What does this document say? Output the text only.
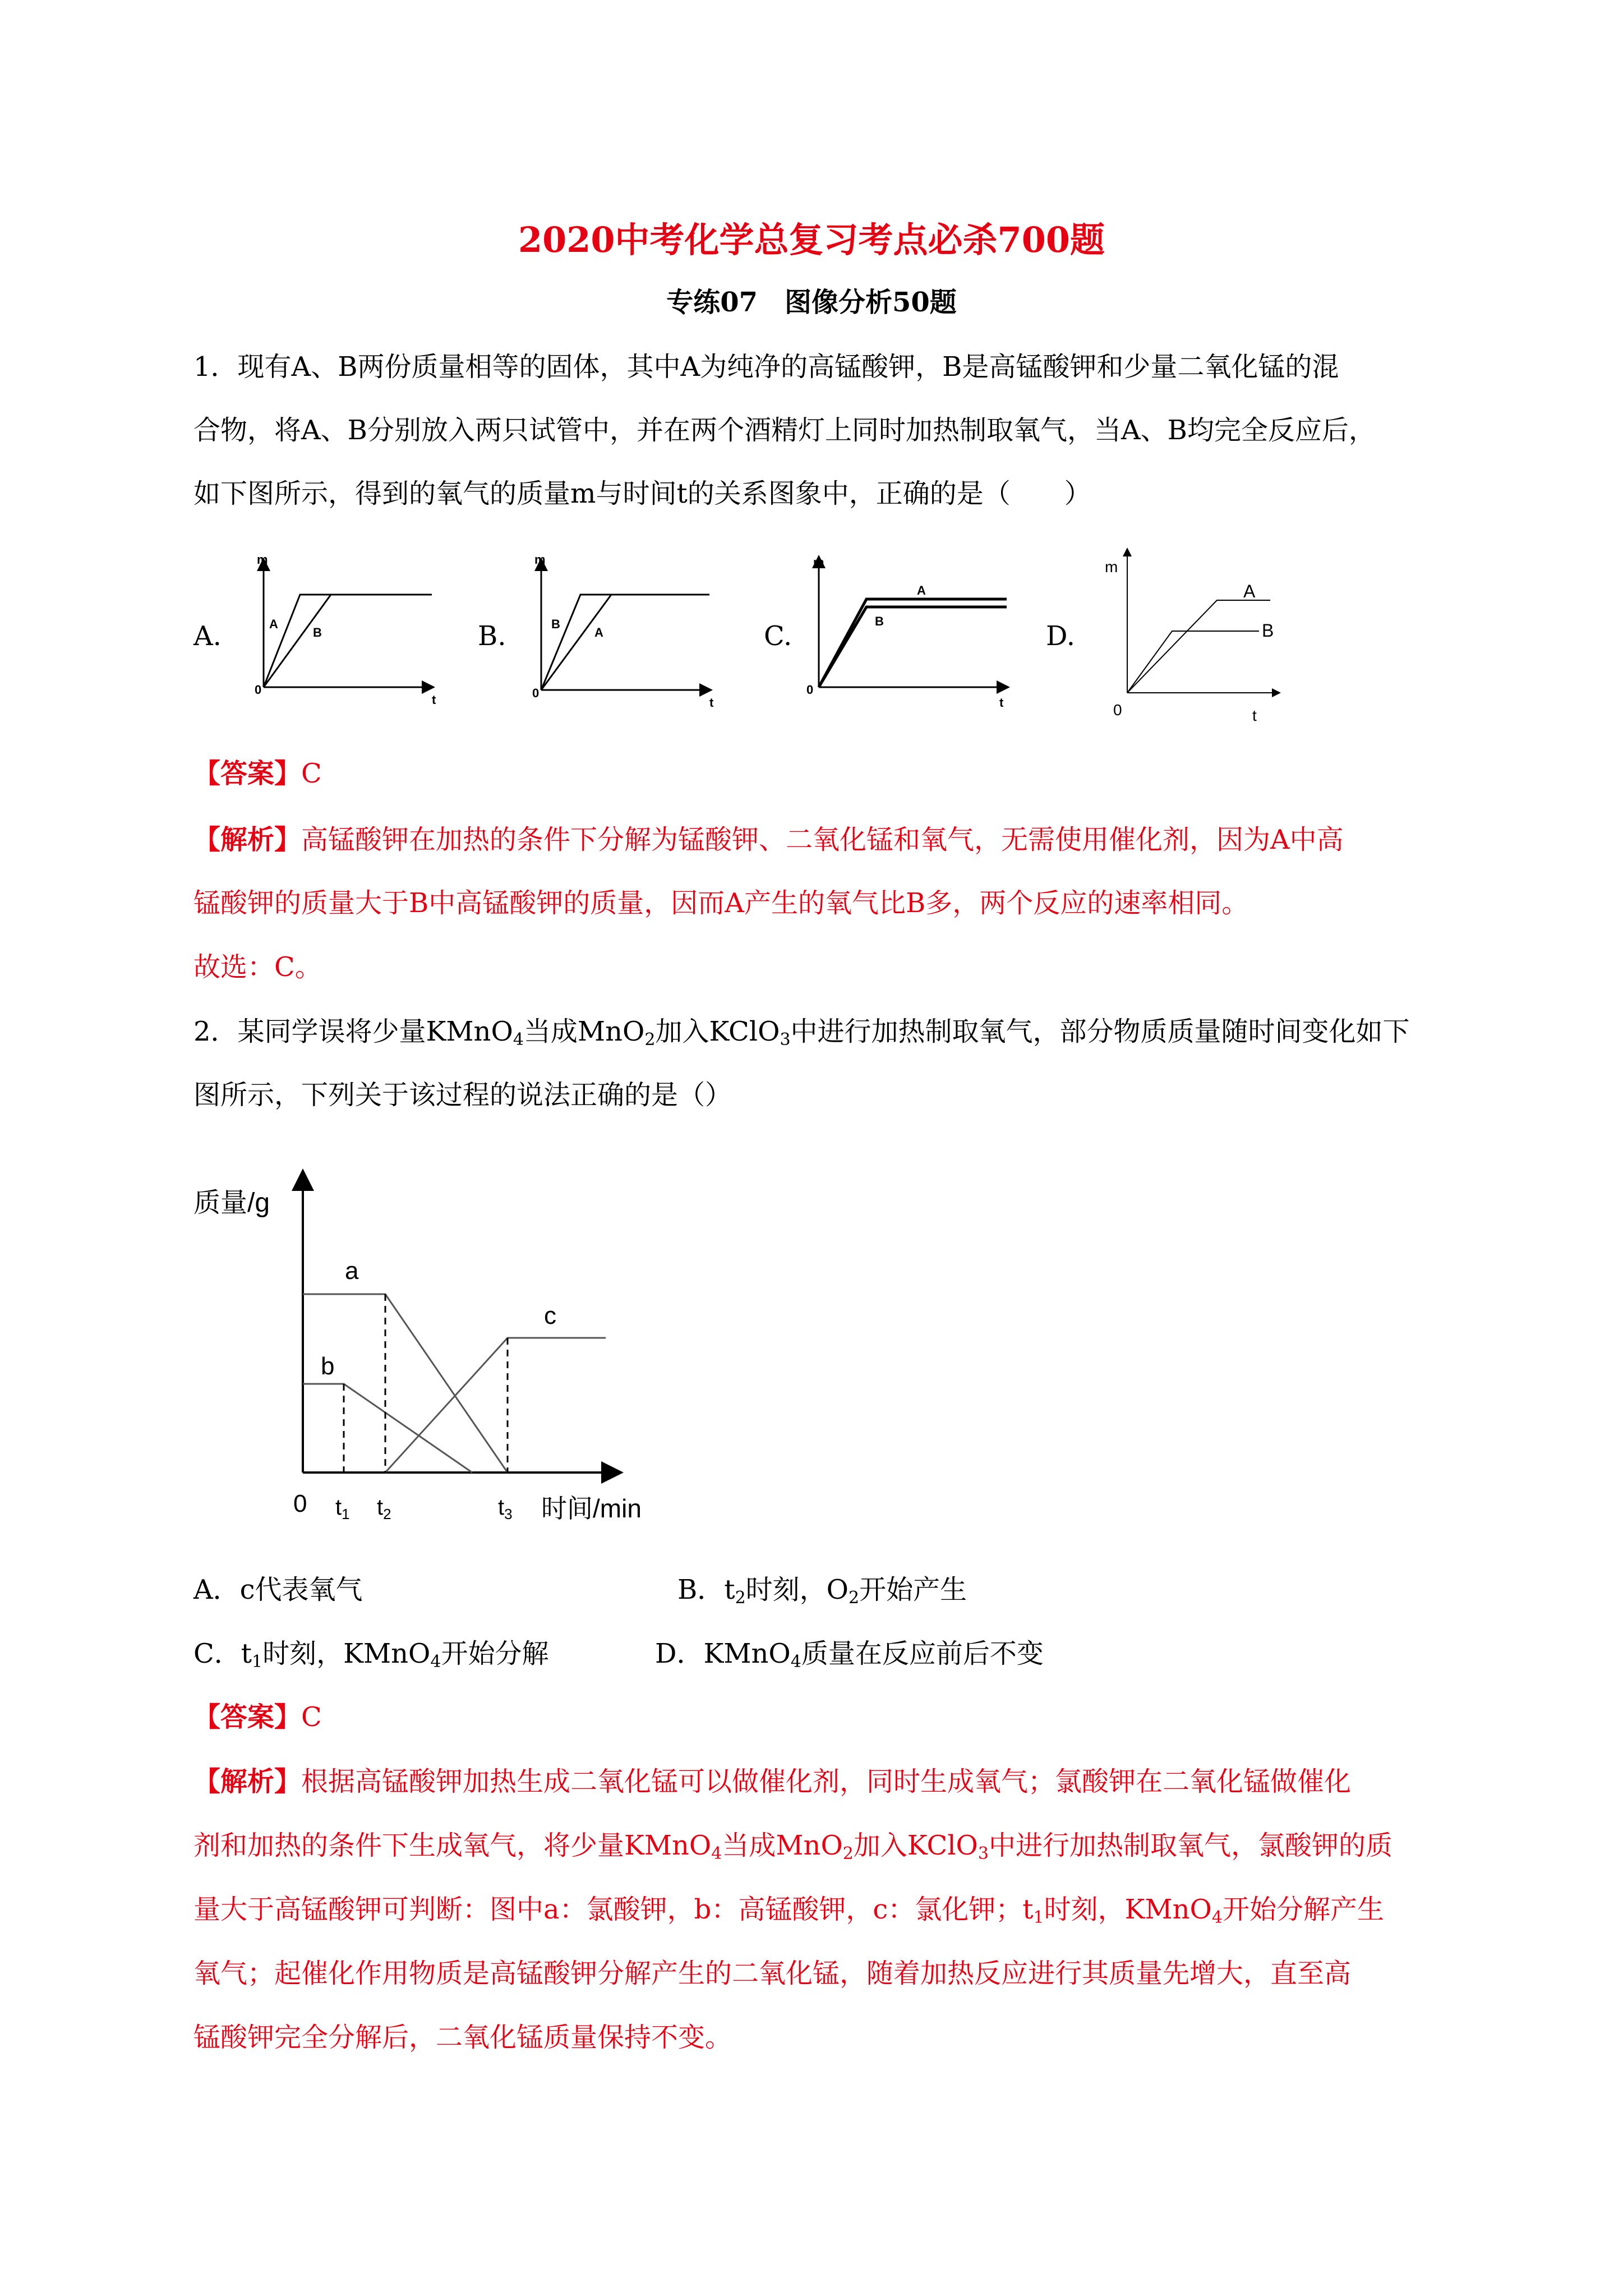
2020中考化学总复习考点必杀700题
专练07　图像分析50题
1．现有A、B两份质量相等的固体，其中A为纯净的高锰酸钾，B是高锰酸钾和少量二氧化锰的混
合物，将A、B分别放入两只试管中，并在两个酒精灯上同时加热制取氧气，当A、B均完全反应后，
如下图所示，得到的氧气的质量m与时间t的关系图象中，正确的是（　　）
A.
m
0
t
A
B	B.
m
0
t
B
A	C.
m
0
t
A
B	D.
m
0	t
A
B
【答案】C
【解析】高锰酸钾在加热的条件下分解为锰酸钾、二氧化锰和氧气，无需使用催化剂，因为A中高
锰酸钾的质量大于B中高锰酸钾的质量，因而A产生的氧气比B多，两个反应的速率相同。
故选：C。
2．某同学误将少量KMnO$_4$当成MnO$_2$加入KClO$_3$中进行加热制取氧气，部分物质质量随时间变化如下
图所示，下列关于该过程的说法正确的是（）
质量/g
a
b
c
0 $t_1$ $t_2$	$t_3$ 时间/min
A．c代表氧气	B．$t_2$时刻，$O_2$开始产生
C．$t_1$时刻，KMnO$_4$开始分解	D．KMnO$_4$质量在反应前后不变
【答案】C
【解析】根据高锰酸钾加热生成二氧化锰可以做催化剂，同时生成氧气；氯酸钾在二氧化锰做催化
剂和加热的条件下生成氧气，将少量KMnO$_4$当成MnO$_2$加入KClO$_3$中进行加热制取氧气，氯酸钾的质
量大于高锰酸钾可判断：图中a：氯酸钾，b：高锰酸钾，c：氯化钾；$t_1$时刻，KMnO$_4$开始分解产生
氧气；起催化作用物质是高锰酸钾分解产生的二氧化锰，随着加热反应进行其质量先增大，直至高
锰酸钾完全分解后，二氧化锰质量保持不变。
